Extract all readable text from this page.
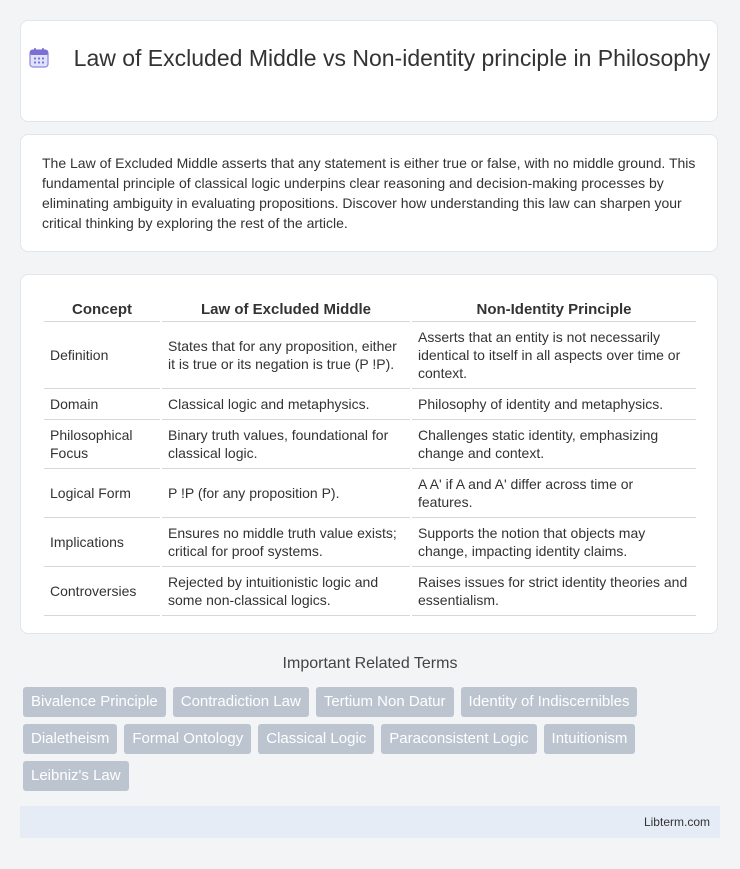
Law of Excluded Middle vs Non-identity principle in Philosophy
The Law of Excluded Middle asserts that any statement is either true or false, with no middle ground. This fundamental principle of classical logic underpins clear reasoning and decision-making processes by eliminating ambiguity in evaluating propositions. Discover how understanding this law can sharpen your critical thinking by exploring the rest of the article.
Concept	Law of Excluded Middle	Non-Identity Principle
Definition	States that for any proposition, either it is true or its negation is true (P !P).	Asserts that an entity is not necessarily identical to itself in all aspects over time or context.
Domain	Classical logic and metaphysics.	Philosophy of identity and metaphysics.
Philosophical Focus	Binary truth values, foundational for classical logic.	Challenges static identity, emphasizing change and context.
Logical Form	P !P (for any proposition P).	A A' if A and A' differ across time or features.
Implications	Ensures no middle truth value exists; critical for proof systems.	Supports the notion that objects may change, impacting identity claims.
Controversies	Rejected by intuitionistic logic and some non-classical logics.	Raises issues for strict identity theories and essentialism.
Important Related Terms
Bivalence Principle	Contradiction Law	Tertium Non Datur	Identity of Indiscernibles
Dialetheism	Formal Ontology	Classical Logic	Paraconsistent Logic	Intuitionism
Leibniz's Law
Libterm.com
